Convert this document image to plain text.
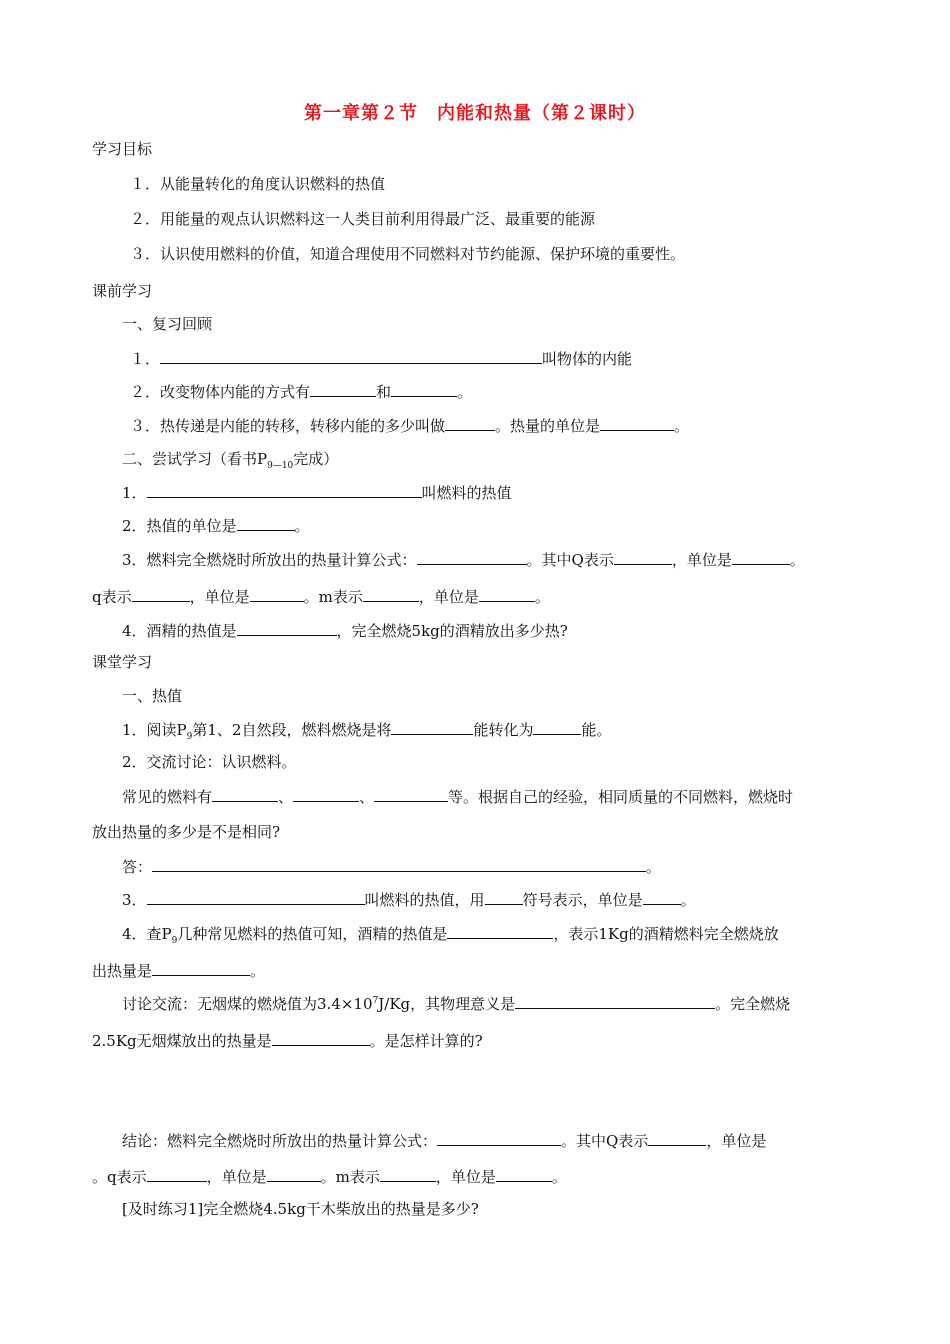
第一章第２节　内能和热量（第２课时）
学习目标
１．从能量转化的角度认识燃料的热值
２．用能量的观点认识燃料这一人类目前利用得最广泛、最重要的能源
３．认识使用燃料的价值，知道合理使用不同燃料对节约能源、保护环境的重要性。
课前学习
一、复习回顾
１．	叫物体的内能
２．改变物体内能的方式有	和	。
３．热传递是内能的转移，转移内能的多少叫做	。热量的单位是	。
二、尝试学习（看书$P_{9—10}$完成）
1．	叫燃料的热值
2．热值的单位是	。
3．燃料完全燃烧时所放出的热量计算公式：	。其中Q表示	，单位是	。
q表示	，单位是	。m表示	，单位是	。
4．酒精的热值是	，完全燃烧5kg的酒精放出多少热?
课堂学习
一、热值
1．阅读$P_9$第1、2自然段，燃料燃烧是将	能转化为	能。
2．交流讨论：认识燃料。
常见的燃料有	、	、	等。根据自己的经验，相同质量的不同燃料，燃烧时
放出热量的多少是不是相同?
答：	。
3．	叫燃料的热值，用	符号表示，单位是	。
4．查$P_9$几种常见燃料的热值可知，酒精的热值是	，表示1Kg的酒精燃料完全燃烧放
出热量是	。
讨论交流：无烟煤的燃烧值为$3.4\times 10^7J/Kg$，其物理意义是	。完全燃烧
2.5Kg无烟煤放出的热量是	。是怎样计算的?
结论：燃料完全燃烧时所放出的热量计算公式：	。其中Q表示	，单位是
。q表示	，单位是	。m表示	，单位是	。
[及时练习1]完全燃烧4.5kg干木柴放出的热量是多少?
